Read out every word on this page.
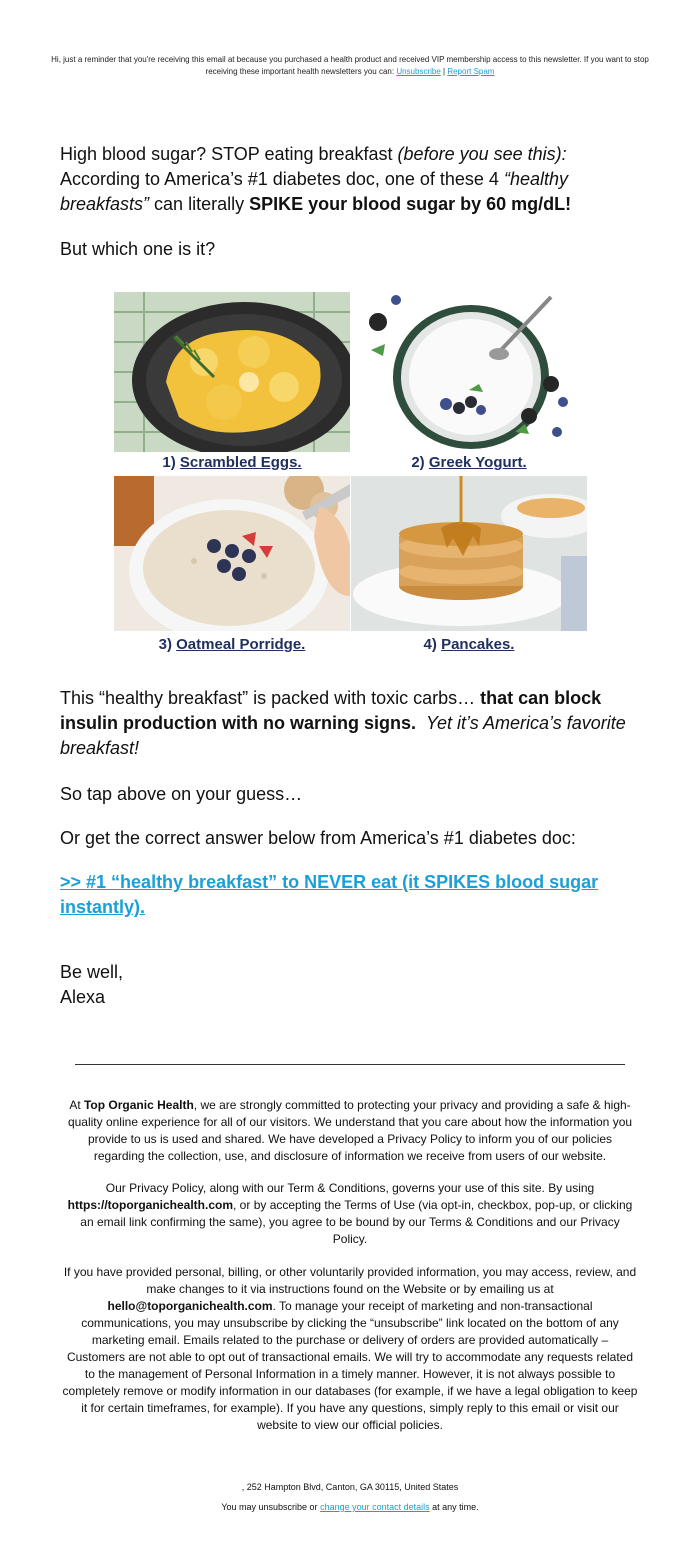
Hi, just a reminder that you're receiving this email at because you purchased a health product and received VIP membership access to this newsletter. If you want to stop receiving these important health newsletters you can: Unsubscribe | Report Spam
High blood sugar? STOP eating breakfast (before you see this):
According to America’s #1 diabetes doc, one of these 4 “healthy breakfasts” can literally SPIKE your blood sugar by 60 mg/dL!
But which one is it?
1) Scrambled Eggs.	2) Greek Yogurt.
3) Oatmeal Porridge.	4) Pancakes.
This “healthy breakfast” is packed with toxic carbs… that can block insulin production with no warning signs. Yet it’s America’s favorite breakfast!
So tap above on your guess…
Or get the correct answer below from America’s #1 diabetes doc:
>> #1 “healthy breakfast” to NEVER eat (it SPIKES blood sugar instantly).
Be well,
Alexa
At Top Organic Health, we are strongly committed to protecting your privacy and providing a safe & high-quality online experience for all of our visitors. We understand that you care about how the information you provide to us is used and shared. We have developed a Privacy Policy to inform you of our policies regarding the collection, use, and disclosure of information we receive from users of our website.
Our Privacy Policy, along with our Term & Conditions, governs your use of this site. By using https://toporganichealth.com, or by accepting the Terms of Use (via opt-in, checkbox, pop-up, or clicking an email link confirming the same), you agree to be bound by our Terms & Conditions and our Privacy Policy.
If you have provided personal, billing, or other voluntarily provided information, you may access, review, and make changes to it via instructions found on the Website or by emailing us at hello@toporganichealth.com. To manage your receipt of marketing and non-transactional communications, you may unsubscribe by clicking the “unsubscribe” link located on the bottom of any marketing email. Emails related to the purchase or delivery of orders are provided automatically – Customers are not able to opt out of transactional emails. We will try to accommodate any requests related to the management of Personal Information in a timely manner. However, it is not always possible to completely remove or modify information in our databases (for example, if we have a legal obligation to keep it for certain timeframes, for example). If you have any questions, simply reply to this email or visit our website to view our official policies.
, 252 Hampton Blvd, Canton, GA 30115, United States
You may unsubscribe or change your contact details at any time.
